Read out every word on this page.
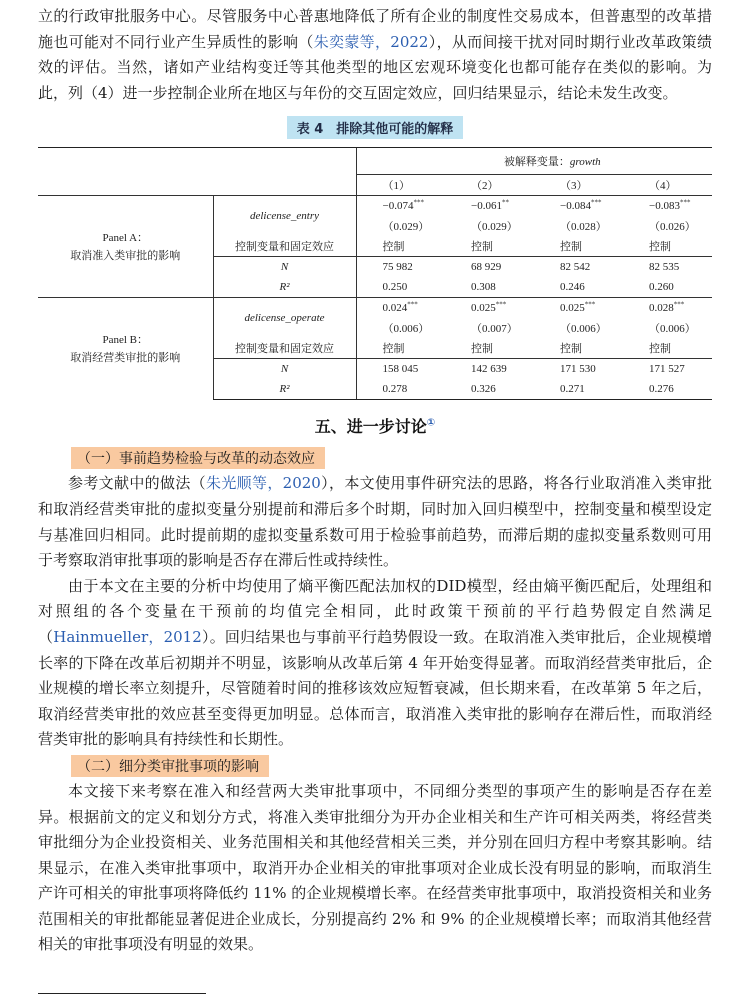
立的行政审批服务中心。尽管服务中心普惠地降低了所有企业的制度性交易成本，但普惠型的改革措施也可能对不同行业产生异质性的影响（朱奕蒙等，2022），从而间接干扰对同时期行业改革政策绩效的评估。当然，诸如产业结构变迁等其他类型的地区宏观环境变化也都可能存在类似的影响。为此，列（4）进一步控制企业所在地区与年份的交互固定效应，回归结果显示，结论未发生改变。

表 4　排除其他可能的解释
		被解释变量：growth			
		（1）	（2）	（3）	（4）

Panel A：
取消准入类审批的影响	delicense_entry	−0.074***	−0.061**	−0.084***	−0.083***
		（0.029）	（0.029）	（0.028）	（0.026）
	控制变量和固定效应	控制	控制	控制	控制
	N	75 982	68 929	82 542	82 535
	R²	0.250	0.308	0.246	0.260

Panel B：
取消经营类审批的影响	delicense_operate	0.024***	0.025***	0.025***	0.028***
		（0.006）	（0.007）	（0.006）	（0.006）
	控制变量和固定效应	控制	控制	控制	控制
	N	158 045	142 639	171 530	171 527
	R²	0.278	0.326	0.271	0.276
五、进一步讨论①
（一）事前趋势检验与改革的动态效应

参考文献中的做法（朱光顺等，2020），本文使用事件研究法的思路，将各行业取消准入类审批和取消经营类审批的虚拟变量分别提前和滞后多个时期，同时加入回归模型中，控制变量和模型设定与基准回归相同。此时提前期的虚拟变量系数可用于检验事前趋势，而滞后期的虚拟变量系数则可用于考察取消审批事项的影响是否存在滞后性或持续性。

由于本文在主要的分析中均使用了熵平衡匹配法加权的DID模型，经由熵平衡匹配后，处理组和对照组的各个变量在干预前的均值完全相同，此时政策干预前的平行趋势假定自然满足（Hainmueller，2012）。回归结果也与事前平行趋势假设一致。在取消准入类审批后，企业规模增长率的下降在改革后初期并不明显，该影响从改革后第 4 年开始变得显著。而取消经营类审批后，企业规模的增长率立刻提升，尽管随着时间的推移该效应短暂衰减，但长期来看，在改革第 5 年之后，取消经营类审批的效应甚至变得更加明显。总体而言，取消准入类审批的影响存在滞后性，而取消经营类审批的影响具有持续性和长期性。

（二）细分类审批事项的影响

本文接下来考察在准入和经营两大类审批事项中，不同细分类型的事项产生的影响是否存在差异。根据前文的定义和划分方式，将准入类审批细分为开办企业相关和生产许可相关两类，将经营类审批细分为企业投资相关、业务范围相关和其他经营相关三类，并分别在回归方程中考察其影响。结果显示，在准入类审批事项中，取消开办企业相关的审批事项对企业成长没有明显的影响，而取消生产许可相关的审批事项将降低约 11% 的企业规模增长率。在经营类审批事项中，取消投资相关和业务范围相关的审批都能显著促进企业成长，分别提高约 2% 和 9% 的企业规模增长率；而取消其他经营相关的审批事项没有明显的效果。
